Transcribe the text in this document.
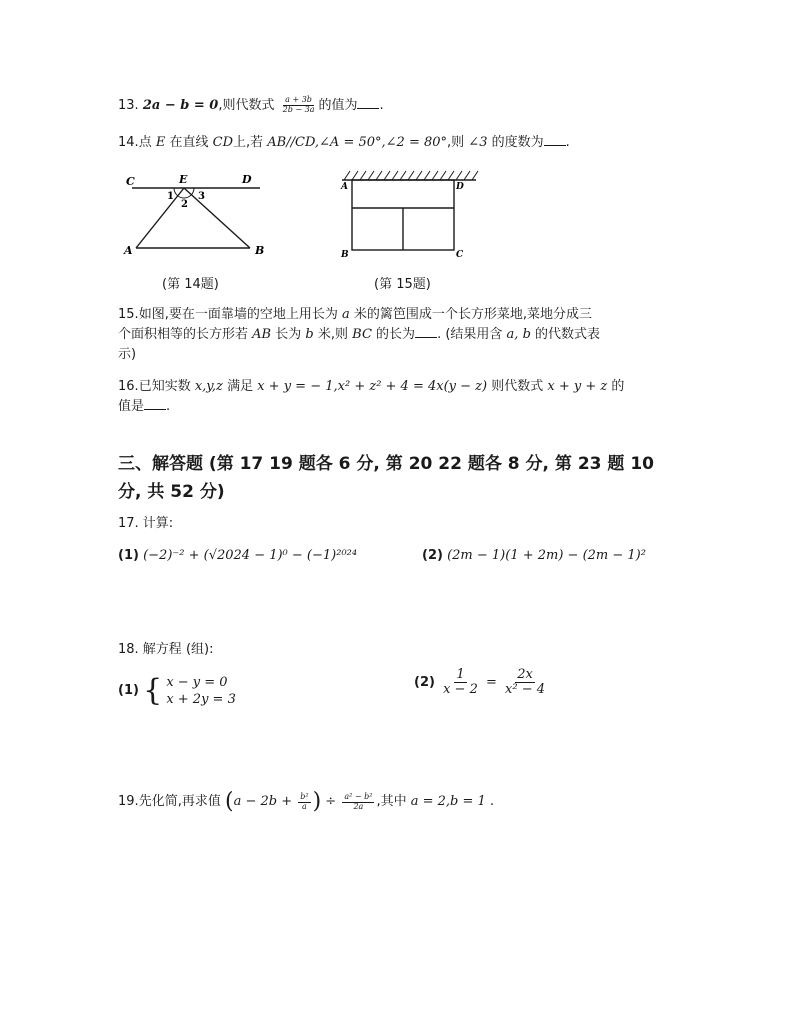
13. 2a − b = 0,则代数式 $\frac{a + 3b}{2b - 3a}$ 的值为 .
14.点 E 在直线 CD上,若 AB//CD,∠A = 50°,∠2 = 80°,则 ∠3 的度数为 .
C	E	D
1
2
3
A	B
(第 14题)
A	D
B	C
(第 15题)
15.如图,要在一面靠墙的空地上用长为 a 米的篱笆围成一个长方形菜地,菜地分成三
个面积相等的长方形若 AB 长为 b 米,则 BC 的长为 . (结果用含 a, b 的代数式表
示)
16.已知实数 x,y,z 满足 x + y = − 1,x² + z² + 4 = 4x(y − z) 则代数式 x + y + z 的
值是 .
三、解答题 (第 17 19 题各 6 分, 第 20 22 题各 8 分, 第 23 题 10
分, 共 52 分)
17. 计算:
(1) (−2)⁻² + (√2024 − 1)⁰ − (−1)²⁰²⁴	(2) (2m − 1)(1 + 2m) − (2m − 1)²
18. 解方程 (组):
(1) { x − y = 0
x + 2y = 3
$(2) \frac{1}{x - 2} = \frac{2x}{\text{x² − 4}}$
19.先化简,再求值 ($a - 2b + \frac{\text{b²}}{a}$ ) ÷ $\frac{\text{a² − b²}}{2a}$ ,其中 a = 2,b = 1 .
